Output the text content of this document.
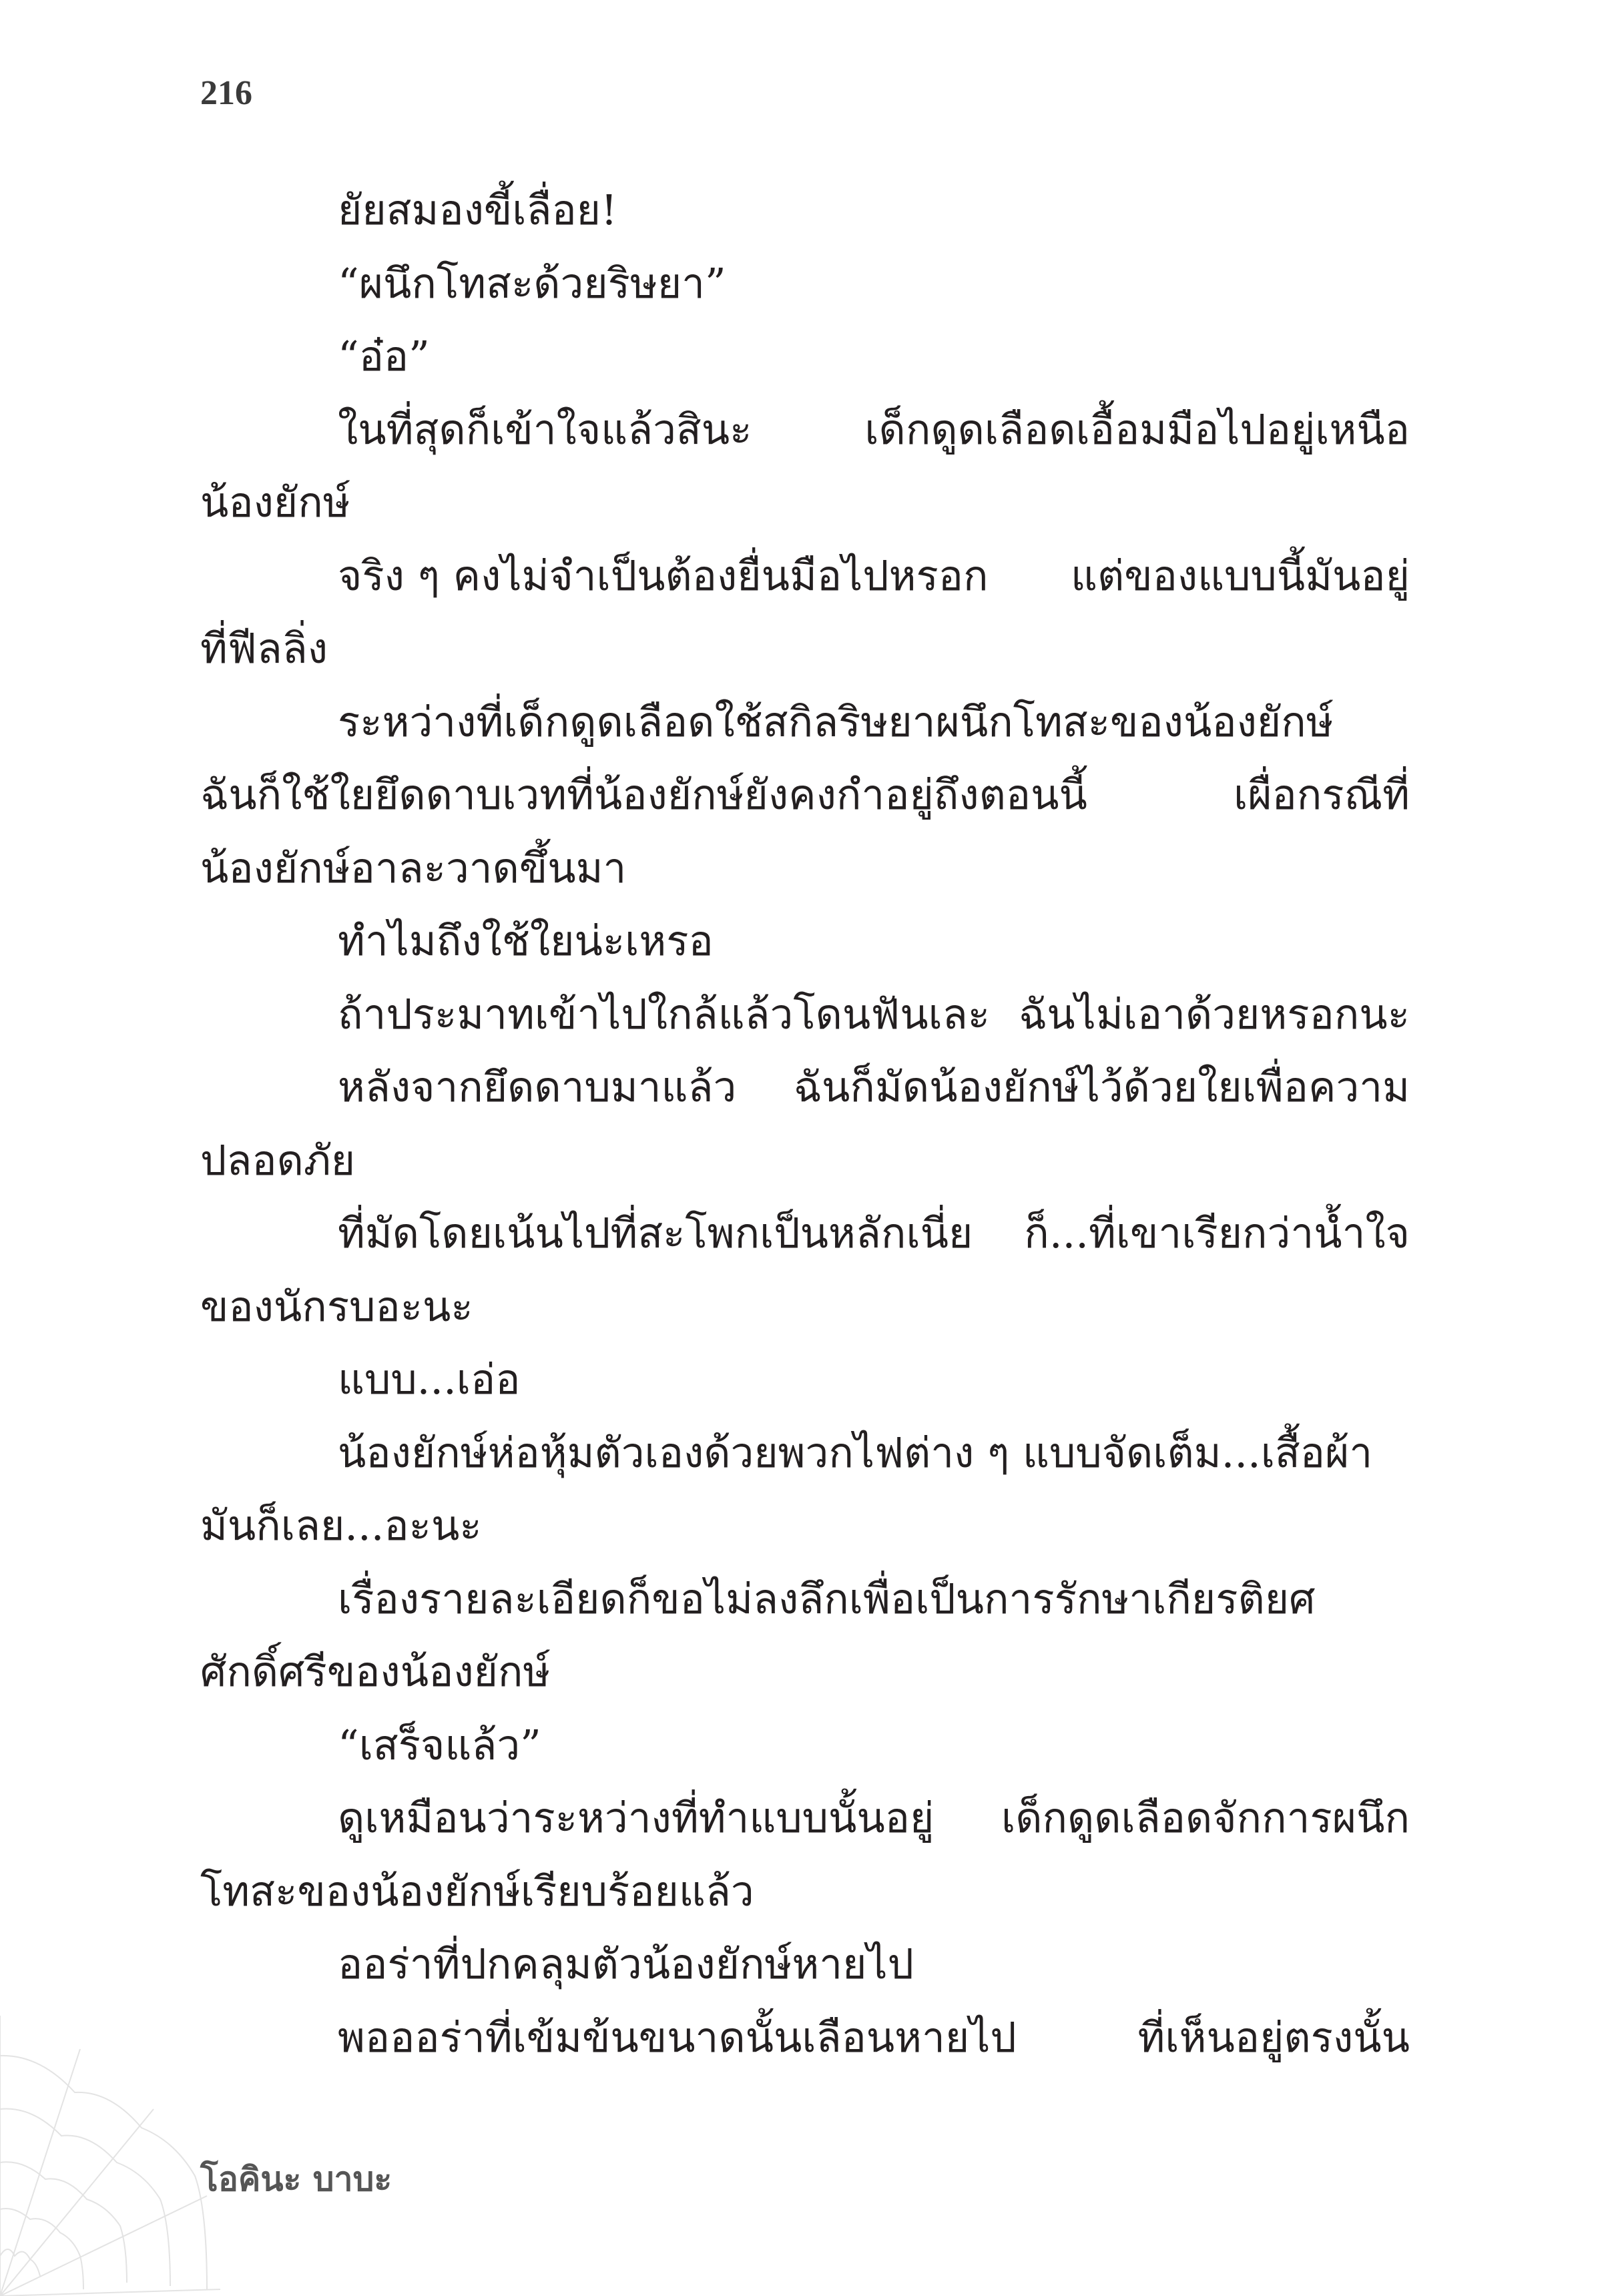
216
ยัยสมองขี้เลื่อย!
“ผนึกโทสะด้วยริษยา”
“อ๋อ”
ในที่สุดก็เข้าใจแล้วสินะ	เด็กดูดเลือดเอื้อมมือไปอยู่เหนือ
น้องยักษ์
จริง ๆ คงไม่จำเป็นต้องยื่นมือไปหรอก แต่ของแบบนี้มันอยู่
ที่ฟีลลิ่ง
ระหว่างที่เด็กดูดเลือดใช้สกิลริษยาผนึกโทสะของน้องยักษ์
ฉันก็ใช้ใยยึดดาบเวทที่น้องยักษ์ยังคงกำอยู่ถึงตอนนี้	เผื่อกรณีที่
น้องยักษ์อาละวาดขึ้นมา
ทำไมถึงใช้ใยน่ะเหรอ
ถ้าประมาทเข้าไปใกล้แล้วโดนฟันเละ ฉันไม่เอาด้วยหรอกนะ
หลังจากยึดดาบมาแล้ว ฉันก็มัดน้องยักษ์ไว้ด้วยใยเพื่อความ
ปลอดภัย
ที่มัดโดยเน้นไปที่สะโพกเป็นหลักเนี่ย ก็...ที่เขาเรียกว่าน้ำใจ
ของนักรบอะนะ
แบบ...เอ่อ
น้องยักษ์ห่อหุ้มตัวเองด้วยพวกไฟต่าง ๆ แบบจัดเต็ม...เสื้อผ้า
มันก็เลย...อะนะ
เรื่องรายละเอียดก็ขอไม่ลงลึกเพื่อเป็นการรักษาเกียรติยศ
ศักดิ์ศรีของน้องยักษ์
“เสร็จแล้ว”
ดูเหมือนว่าระหว่างที่ทำแบบนั้นอยู่ เด็กดูดเลือดจักการผนึก
โทสะของน้องยักษ์เรียบร้อยแล้ว
ออร่าที่ปกคลุมตัวน้องยักษ์หายไป
พอออร่าที่เข้มข้นขนาดนั้นเลือนหายไป	ที่เห็นอยู่ตรงนั้น
โอคินะ บาบะ
